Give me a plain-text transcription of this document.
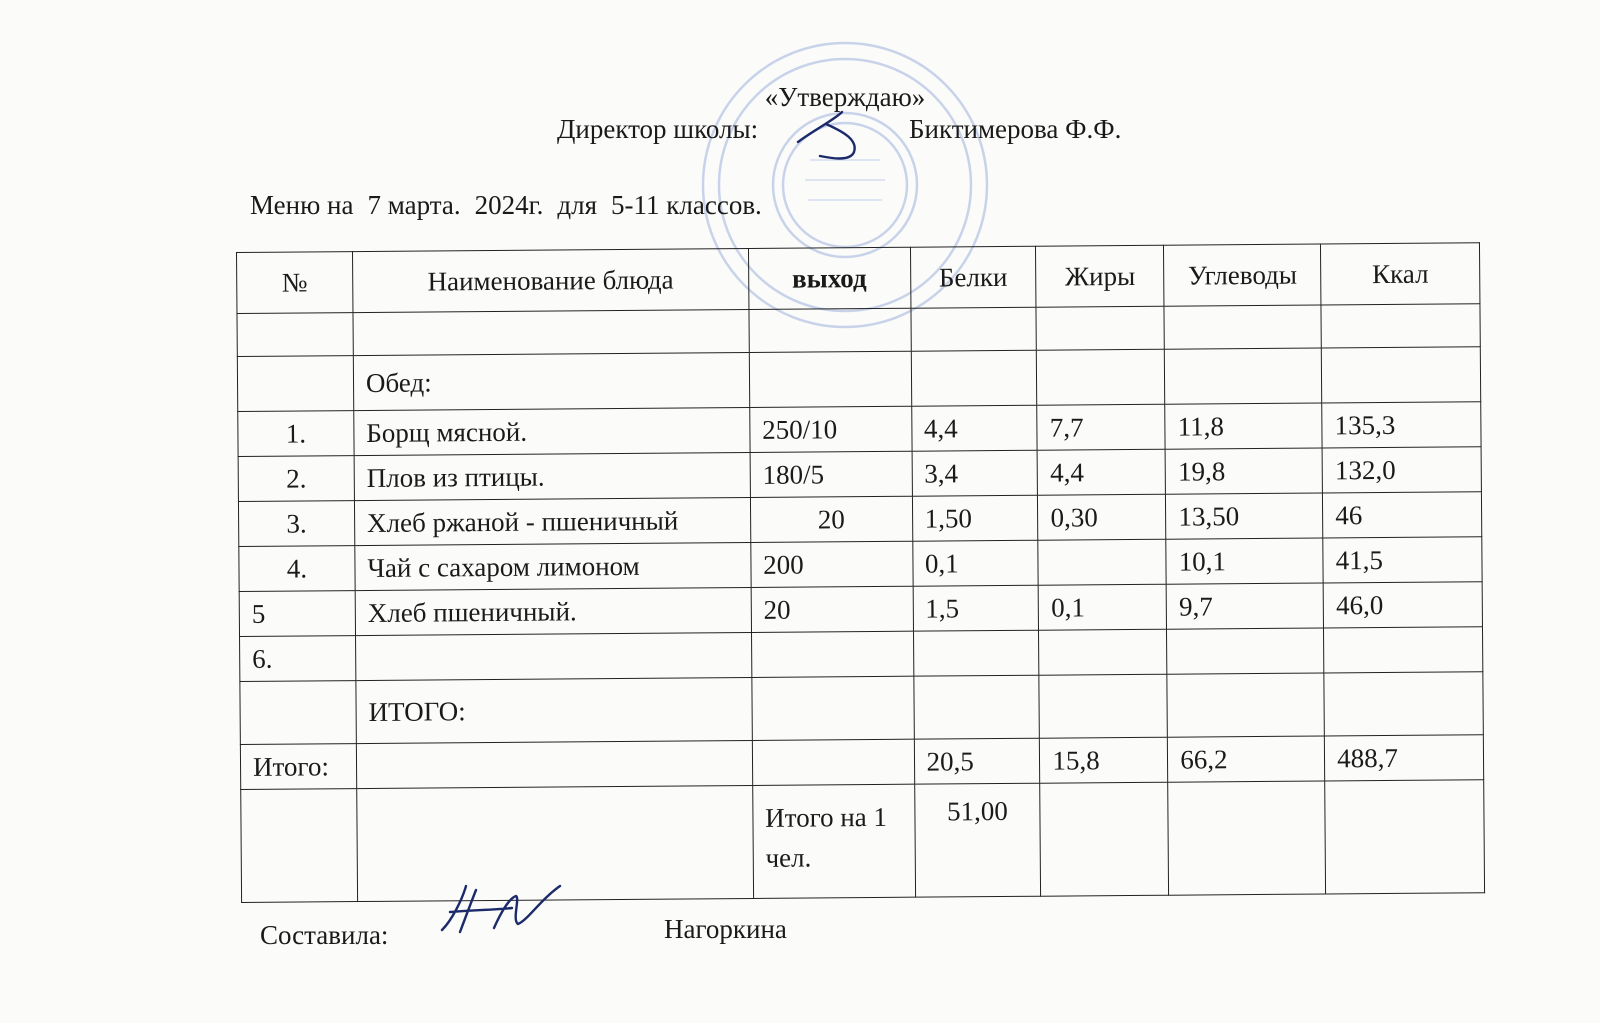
«Утверждаю»
Директор школы:	Биктимерова Ф.Ф.
Меню на 7 марта. 2024г. для 5-11 классов.
№	Наименование блюда	выход	Белки	Жиры	Углеводы	Ккал

	Обед:					
1.	Борщ мясной.	250/10	4,4	7,7	11,8	135,3
2.	Плов из птицы.	180/5	3,4	4,4	19,8	132,0
3.	Хлеб ржаной - пшеничный	20	1,50	0,30	13,50	46
4.	Чай с сахаром лимоном	200	0,1		10,1	41,5
5	Хлеб пшеничный.	20	1,5	0,1	9,7	46,0
6.						
	ИТОГО:					
Итого:			20,5	15,8	66,2	488,7
		Итого на 1 чел.	51,00			
Составила:	Нагоркина
